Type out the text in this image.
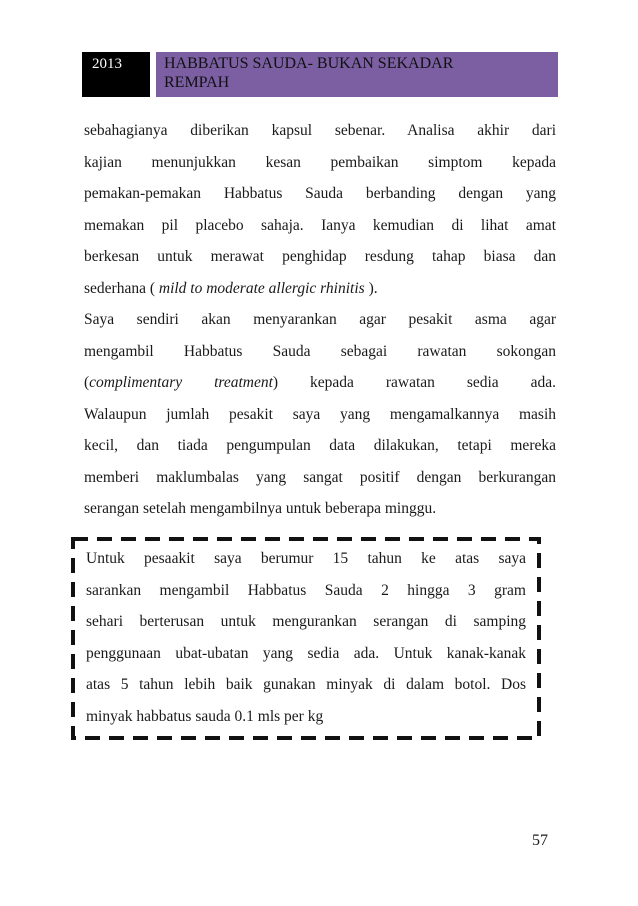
2013	HABBATUS SAUDA- BUKAN SEKADAR
REMPAH

sebahagianya diberikan kapsul sebenar. Analisa akhir dari

kajian menunjukkan kesan pembaikan simptom kepada

pemakan-pemakan Habbatus Sauda berbanding dengan yang

memakan pil placebo sahaja. Ianya kemudian di lihat amat

berkesan untuk merawat penghidap resdung tahap biasa dan

sederhana ( mild to moderate allergic rhinitis ).

Saya sendiri akan menyarankan agar pesakit asma agar

mengambil Habbatus Sauda sebagai rawatan sokongan

(complimentary treatment) kepada rawatan sedia ada.

Walaupun jumlah pesakit saya yang mengamalkannya masih

kecil, dan tiada pengumpulan data dilakukan, tetapi mereka

memberi maklumbalas yang sangat positif dengan berkurangan

serangan setelah mengambilnya untuk beberapa minggu.

Untuk pesaakit saya berumur 15 tahun ke atas saya

sarankan mengambil Habbatus Sauda 2 hingga 3 gram

sehari berterusan untuk mengurankan serangan di samping

penggunaan ubat-ubatan yang sedia ada. Untuk kanak-kanak

atas 5 tahun lebih baik gunakan minyak di dalam botol. Dos

minyak habbatus sauda 0.1 mls per kg

57
